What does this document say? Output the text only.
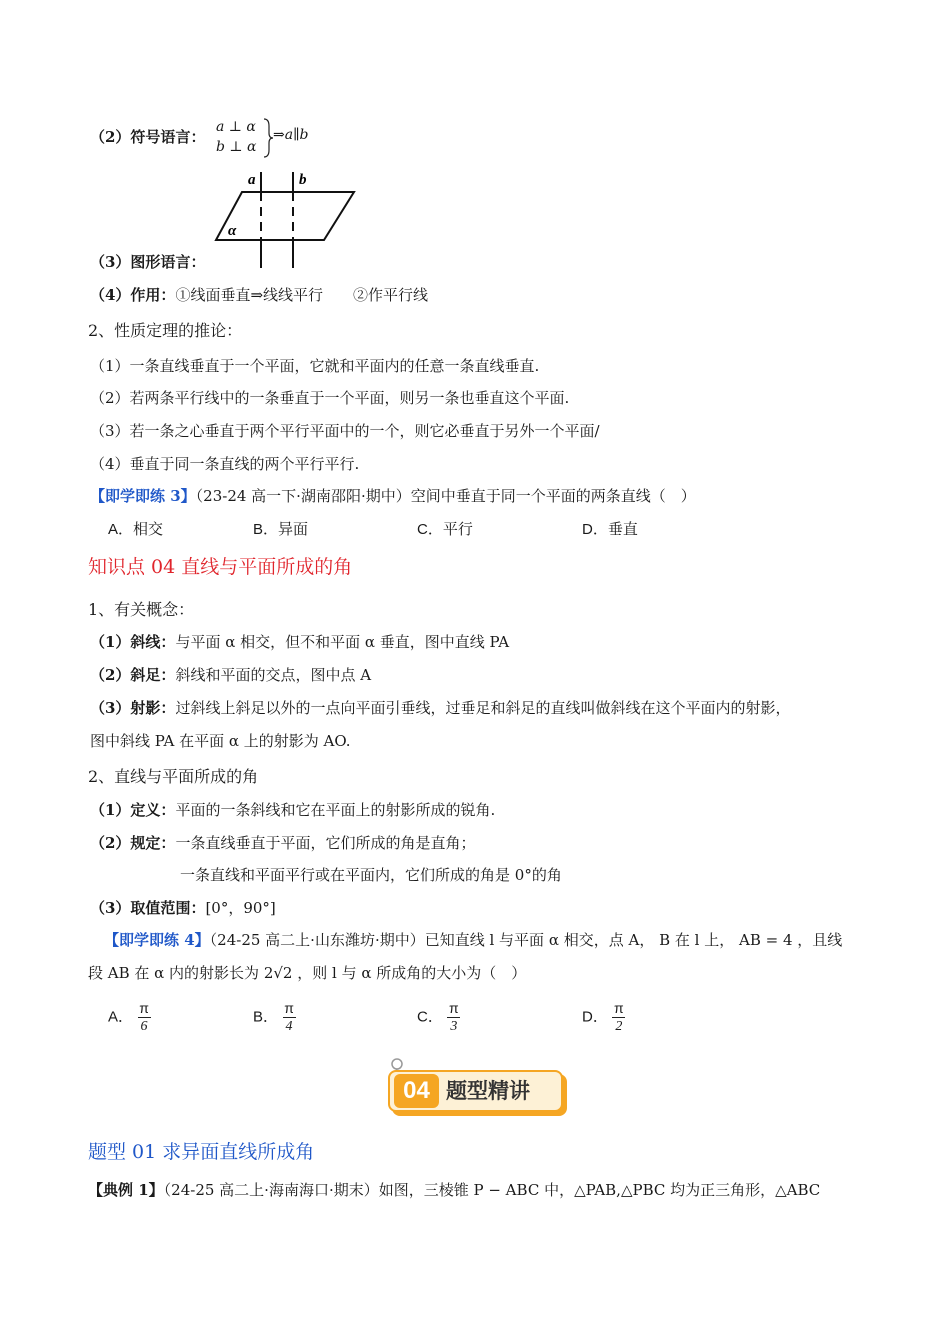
（2）符号语言：
a ⊥ α
b ⊥ α
⇒a∥b
a	b
α
（3）图形语言：
（4）作用：①线面垂直⇒线线平行　　②作平行线
2、性质定理的推论：
（1）一条直线垂直于一个平面，它就和平面内的任意一条直线垂直.
（2）若两条平行线中的一条垂直于一个平面，则另一条也垂直这个平面.
（3）若一条之心垂直于两个平行平面中的一个，则它必垂直于另外一个平面/
（4）垂直于同一条直线的两个平行平行.
【即学即练 3】（23-24 高一下·湖南邵阳·期中）空间中垂直于同一个平面的两条直线（　）
A．相交	B．异面	C．平行	D．垂直
知识点 04 直线与平面所成的角
1、有关概念：
（1）斜线：与平面 α 相交，但不和平面 α 垂直，图中直线 PA
（2）斜足：斜线和平面的交点，图中点 A
（3）射影：过斜线上斜足以外的一点向平面引垂线，过垂足和斜足的直线叫做斜线在这个平面内的射影，
图中斜线 PA 在平面 α 上的射影为 AO.
2、直线与平面所成的角
（1）定义：平面的一条斜线和它在平面上的射影所成的锐角.
（2）规定：一条直线垂直于平面，它们所成的角是直角；
一条直线和平面平行或在平面内，它们所成的角是 0°的角
（3）取值范围：[0°，90°]
【即学即练 4】（24-25 高二上·山东潍坊·期中）已知直线 l 与平面 α 相交，点 A， B 在 l 上， AB = 4 ，且线
段 AB 在 α 内的射影长为 2√2 ，则 l 与 α 所成角的大小为（　）
A． $\frac{\pi}{6}$	B． $\frac{\pi}{4}$	C． $\frac{\pi}{3}$	D． $\frac{\pi}{2}$
04 题型精讲
题型 01 求异面直线所成角
【典例 1】（24-25 高二上·海南海口·期末）如图，三棱锥 P − ABC 中，△PAB,△PBC 均为正三角形，△ABC
